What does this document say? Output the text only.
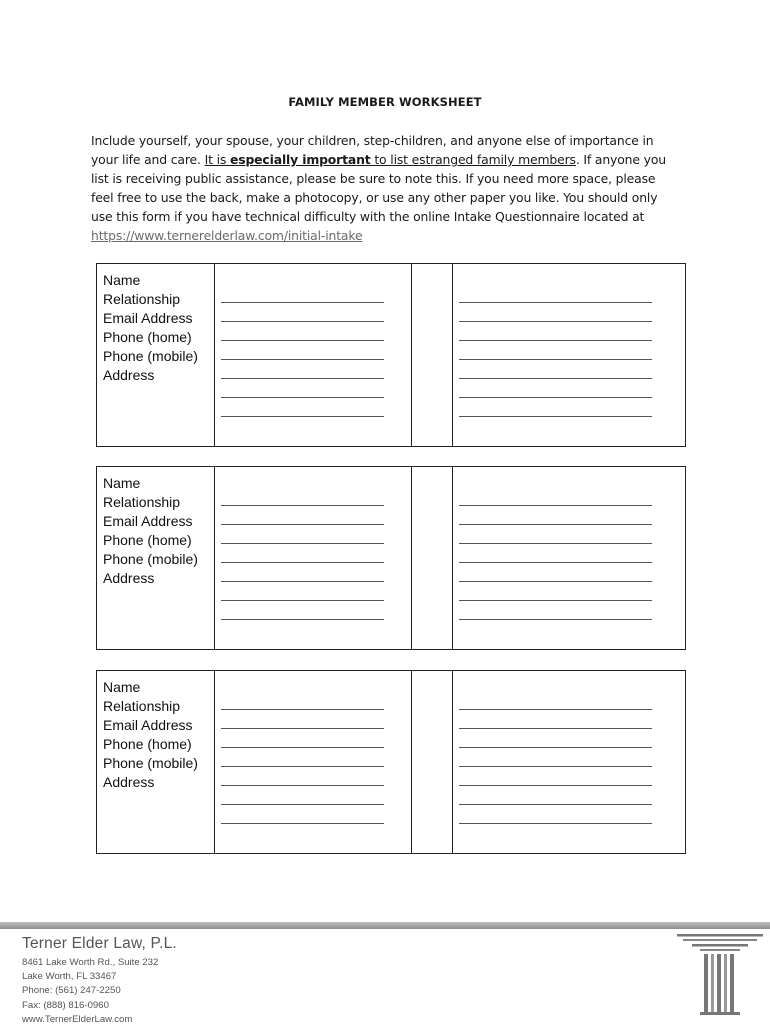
FAMILY MEMBER WORKSHEET
Include yourself, your spouse, your children, step-children, and anyone else of importance in your life and care. It is especially important to list estranged family members. If anyone you list is receiving public assistance, please be sure to note this. If you need more space, please feel free to use the back, make a photocopy, or use any other paper you like. You should only use this form if you have technical difficulty with the online Intake Questionnaire located at https://www.ternerelderlaw.com/initial-intake
Name
Relationship
Email Address
Phone (home)
Phone (mobile)
Address
Name
Relationship
Email Address
Phone (home)
Phone (mobile)
Address
Name
Relationship
Email Address
Phone (home)
Phone (mobile)
Address
Terner Elder Law, P.L.
8461 Lake Worth Rd., Suite 232
Lake Worth, FL 33467
Phone: (561) 247-2250
Fax: (888) 816-0960
www.TernerElderLaw.com
